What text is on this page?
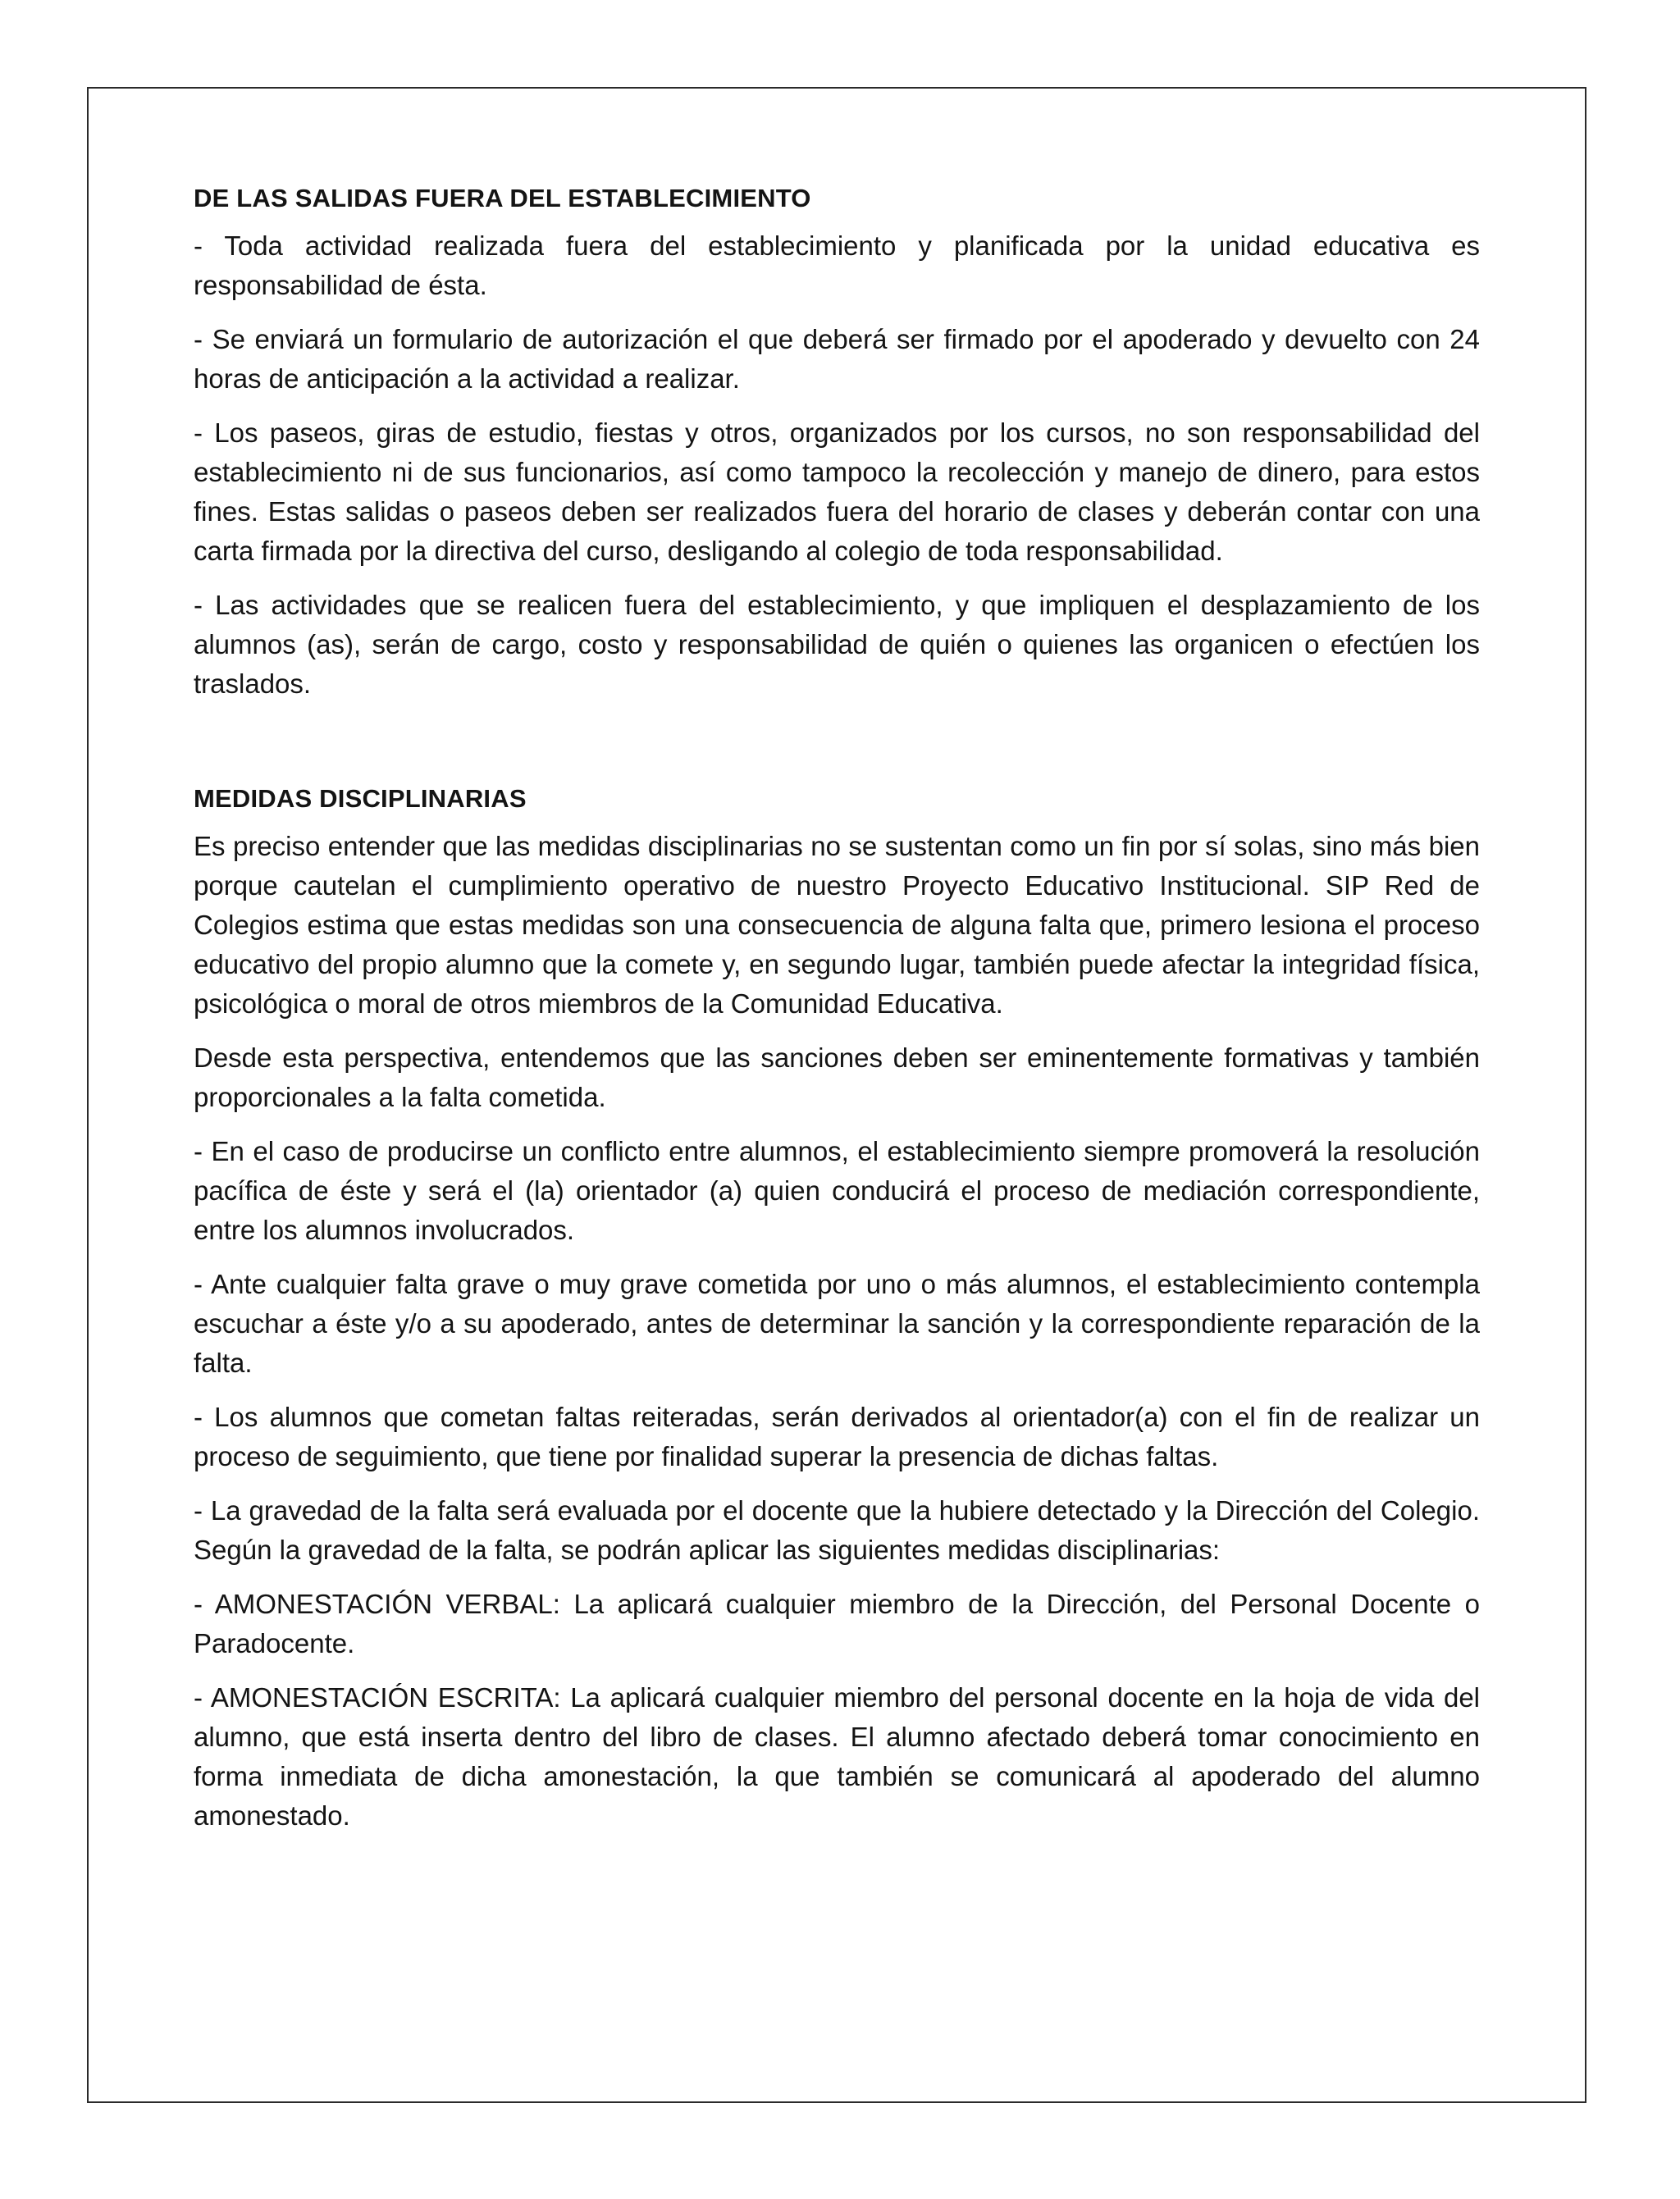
DE LAS SALIDAS FUERA DEL ESTABLECIMIENTO

- Toda actividad realizada fuera del establecimiento y planificada por la unidad educativa es responsabilidad de ésta.

- Se enviará un formulario de autorización el que deberá ser firmado por el apoderado y devuelto con 24 horas de anticipación a la actividad a realizar.

- Los paseos, giras de estudio, fiestas y otros, organizados por los cursos, no son responsabilidad del establecimiento ni de sus funcionarios, así como tampoco la recolección y manejo de dinero, para estos fines. Estas salidas o paseos deben ser realizados fuera del horario de clases y deberán contar con una carta firmada por la directiva del curso, desligando al colegio de toda responsabilidad.

- Las actividades que se realicen fuera del establecimiento, y que impliquen el desplazamiento de los alumnos (as), serán de cargo, costo y responsabilidad de quién o quienes las organicen o efectúen los traslados.

MEDIDAS DISCIPLINARIAS

Es preciso entender que las medidas disciplinarias no se sustentan como un fin por sí solas, sino más bien porque cautelan el cumplimiento operativo de nuestro Proyecto Educativo Institucional. SIP Red de Colegios estima que estas medidas son una consecuencia de alguna falta que, primero lesiona el proceso educativo del propio alumno que la comete y, en segundo lugar, también puede afectar la integridad física, psicológica o moral de otros miembros de la Comunidad Educativa.

Desde esta perspectiva, entendemos que las sanciones deben ser eminentemente formativas y también proporcionales a la falta cometida.

- En el caso de producirse un conflicto entre alumnos, el establecimiento siempre promoverá la resolución pacífica de éste y será el (la) orientador (a) quien conducirá el proceso de mediación correspondiente, entre los alumnos involucrados.

- Ante cualquier falta grave o muy grave cometida por uno o más alumnos, el establecimiento contempla escuchar a éste y/o a su apoderado, antes de determinar la sanción y la correspondiente reparación de la falta.

- Los alumnos que cometan faltas reiteradas, serán derivados al orientador(a) con el fin de realizar un proceso de seguimiento, que tiene por finalidad superar la presencia de dichas faltas.

- La gravedad de la falta será evaluada por el docente que la hubiere detectado y la Dirección del Colegio. Según la gravedad de la falta, se podrán aplicar las siguientes medidas disciplinarias:

- AMONESTACIÓN VERBAL: La aplicará cualquier miembro de la Dirección, del Personal Docente o Paradocente.

- AMONESTACIÓN ESCRITA: La aplicará cualquier miembro del personal docente en la hoja de vida del alumno, que está inserta dentro del libro de clases. El alumno afectado deberá tomar conocimiento en forma inmediata de dicha amonestación, la que también se comunicará al apoderado del alumno amonestado.
